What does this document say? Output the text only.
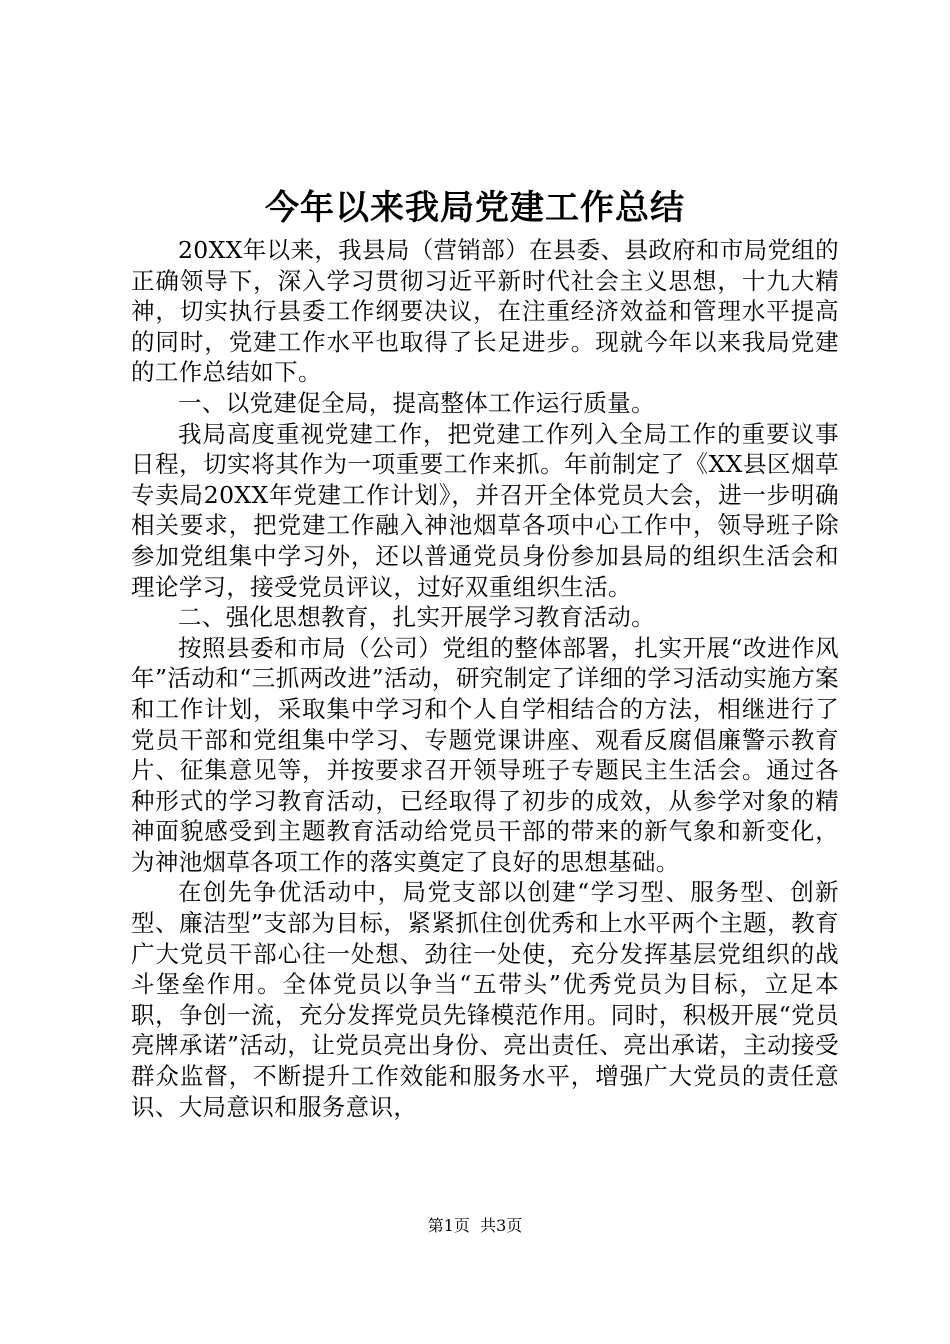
今年以来我局党建工作总结

20XX年以来，我县局（营销部）在县委、县政府和市局党组的正确领导下，深入学习贯彻习近平新时代社会主义思想，十九大精神，切实执行县委工作纲要决议，在注重经济效益和管理水平提高的同时，党建工作水平也取得了长足进步。现就今年以来我局党建的工作总结如下。

一、以党建促全局，提高整体工作运行质量。

我局高度重视党建工作，把党建工作列入全局工作的重要议事日程，切实将其作为一项重要工作来抓。年前制定了《XX县区烟草专卖局20XX年党建工作计划》，并召开全体党员大会，进一步明确相关要求，把党建工作融入神池烟草各项中心工作中，领导班子除参加党组集中学习外，还以普通党员身份参加县局的组织生活会和理论学习，接受党员评议，过好双重组织生活。

二、强化思想教育，扎实开展学习教育活动。

按照县委和市局（公司）党组的整体部署，扎实开展“改进作风年”活动和“三抓两改进”活动，研究制定了详细的学习活动实施方案和工作计划，采取集中学习和个人自学相结合的方法，相继进行了党员干部和党组集中学习、专题党课讲座、观看反腐倡廉警示教育片、征集意见等，并按要求召开领导班子专题民主生活会。通过各种形式的学习教育活动，已经取得了初步的成效，从参学对象的精神面貌感受到主题教育活动给党员干部的带来的新气象和新变化，为神池烟草各项工作的落实奠定了良好的思想基础。

在创先争优活动中，局党支部以创建“学习型、服务型、创新型、廉洁型”支部为目标，紧紧抓住创优秀和上水平两个主题，教育广大党员干部心往一处想、劲往一处使，充分发挥基层党组织的战斗堡垒作用。全体党员以争当“五带头”优秀党员为目标，立足本职，争创一流，充分发挥党员先锋模范作用。同时，积极开展“党员亮牌承诺”活动，让党员亮出身份、亮出责任、亮出承诺，主动接受群众监督，不断提升工作效能和服务水平，增强广大党员的责任意识、大局意识和服务意识，

第1页 共3页
